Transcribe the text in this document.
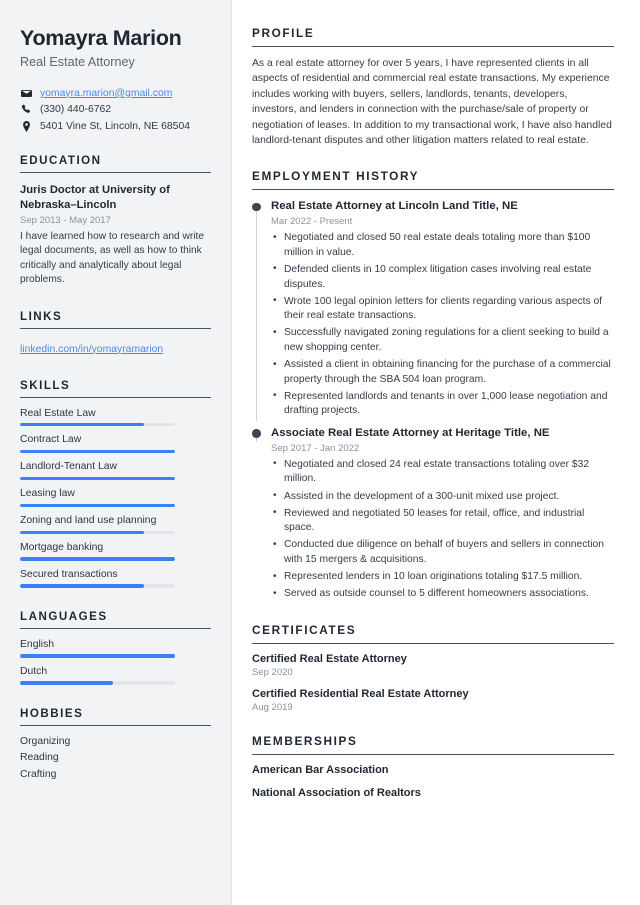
Yomayra Marion
Real Estate Attorney
yomayra.marion@gmail.com
(330) 440-6762
5401 Vine St, Lincoln, NE 68504
EDUCATION
Juris Doctor at University of Nebraska–Lincoln
Sep 2013 - May 2017
I have learned how to research and write legal documents, as well as how to think critically and analytically about legal problems.
LINKS
linkedin.com/in/yomayramarion
SKILLS
Real Estate Law
Contract Law
Landlord-Tenant Law
Leasing law
Zoning and land use planning
Mortgage banking
Secured transactions
LANGUAGES
English
Dutch
HOBBIES
Organizing
Reading
Crafting
PROFILE

As a real estate attorney for over 5 years, I have represented clients in all aspects of residential and commercial real estate transactions. My experience includes working with buyers, sellers, landlords, tenants, developers, investors, and lenders in connection with the purchase/sale of property or negotiation of leases. In addition to my transactional work, I have also handled landlord-tenant disputes and other litigation matters related to real estate.

EMPLOYMENT HISTORY
Real Estate Attorney at Lincoln Land Title, NE
Mar 2022 - Present
• Negotiated and closed 50 real estate deals totaling more than $100 million in value.
• Defended clients in 10 complex litigation cases involving real estate disputes.
• Wrote 100 legal opinion letters for clients regarding various aspects of their real estate transactions.
• Successfully navigated zoning regulations for a client seeking to build a new shopping center.
• Assisted a client in obtaining financing for the purchase of a commercial property through the SBA 504 loan program.
• Represented landlords and tenants in over 1,000 lease negotiation and drafting projects.
Associate Real Estate Attorney at Heritage Title, NE
Sep 2017 - Jan 2022
• Negotiated and closed 24 real estate transactions totaling over $32 million.
• Assisted in the development of a 300-unit mixed use project.
• Reviewed and negotiated 50 leases for retail, office, and industrial space.
• Conducted due diligence on behalf of buyers and sellers in connection with 15 mergers & acquisitions.
• Represented lenders in 10 loan originations totaling $17.5 million.
• Served as outside counsel to 5 different homeowners associations.
CERTIFICATES
Certified Real Estate Attorney
Sep 2020
Certified Residential Real Estate Attorney
Aug 2019
MEMBERSHIPS
American Bar Association
National Association of Realtors
